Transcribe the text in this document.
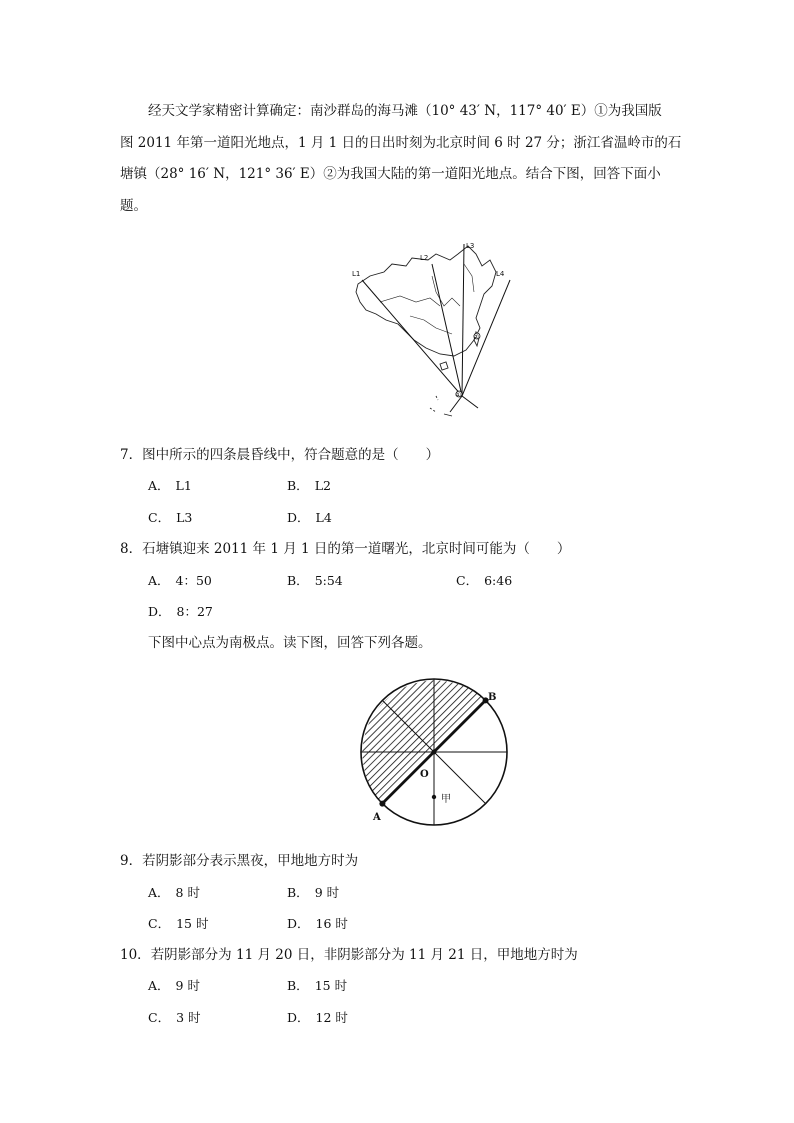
经天文学家精密计算确定：南沙群岛的海马滩（10° 43′ N，117° 40′ E）①为我国版
图 2011 年第一道阳光地点，1 月 1 日的日出时刻为北京时间 6 时 27 分；浙江省温岭市的石
塘镇（28° 16′ N，121° 36′ E）②为我国大陆的第一道阳光地点。结合下图，回答下面小
题。
②
①
L1
L2
L3
L4
7．图中所示的四条晨昏线中，符合题意的是（　　）
A． L1	B． L2
C． L3	D． L4
8．石塘镇迎来 2011 年 1 月 1 日的第一道曙光，北京时间可能为（　　）
A． 4：50	B． 5:54	C． 6:46
D． 8：27
下图中心点为南极点。读下图，回答下列各题。
A
B
O
甲
9．若阴影部分表示黑夜，甲地地方时为
A． 8 时	B． 9 时
C． 15 时	D． 16 时
10．若阴影部分为 11 月 20 日，非阴影部分为 11 月 21 日，甲地地方时为
A． 9 时	B． 15 时
C． 3 时	D． 12 时
